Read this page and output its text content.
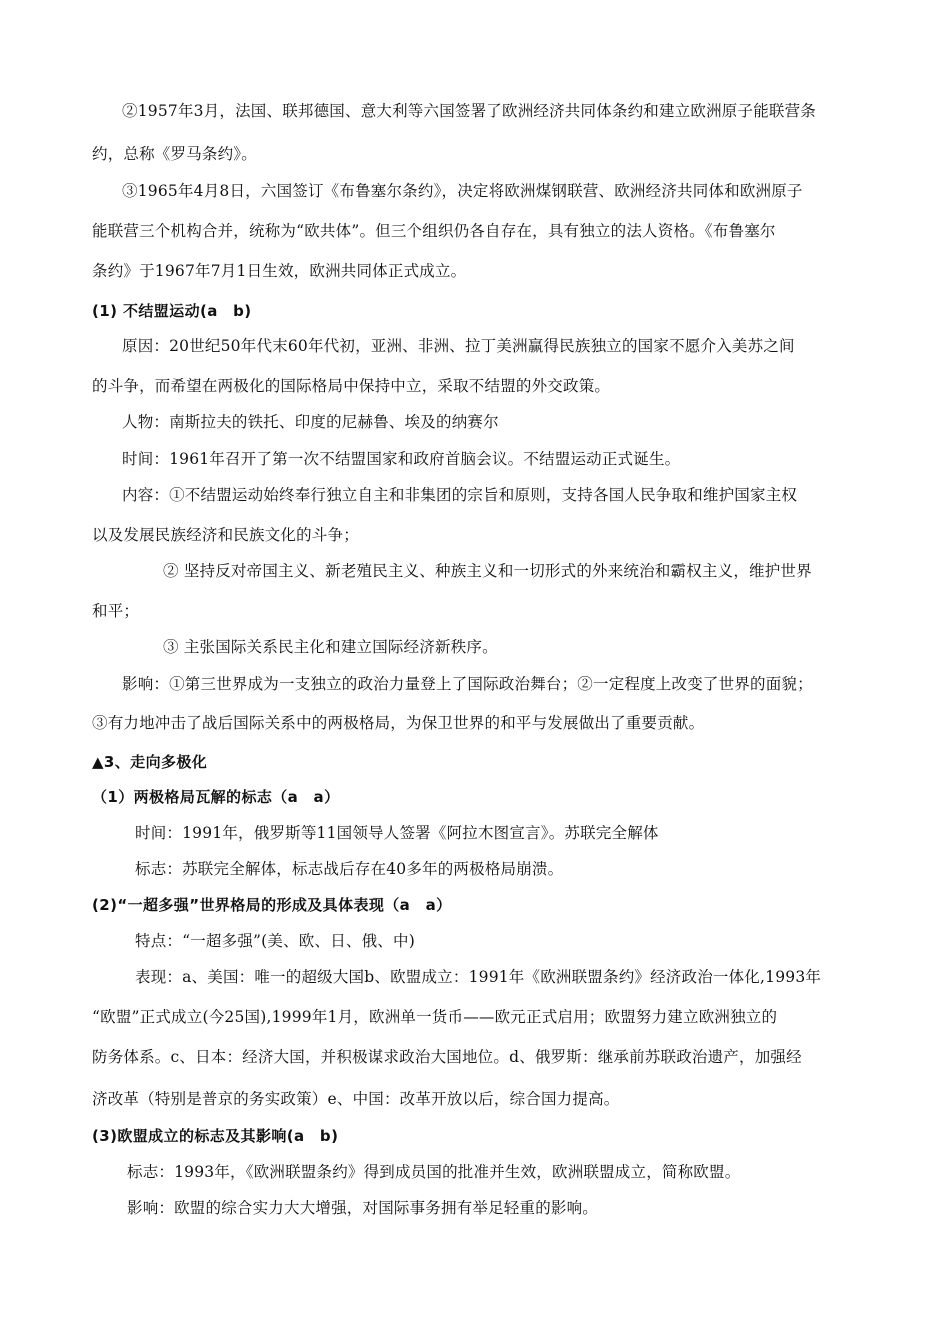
②1957年3月，法国、联邦德国、意大利等六国签署了欧洲经济共同体条约和建立欧洲原子能联营条
约，总称《罗马条约》。
③1965年4月8日，六国签订《布鲁塞尔条约》，决定将欧洲煤钢联营、欧洲经济共同体和欧洲原子
能联营三个机构合并，统称为“欧共体”。但三个组织仍各自存在，具有独立的法人资格。《布鲁塞尔
条约》于1967年7月1日生效，欧洲共同体正式成立。
(1) 不结盟运动(a　b)
原因：20世纪50年代末60年代初，亚洲、非洲、拉丁美洲赢得民族独立的国家不愿介入美苏之间
的斗争，而希望在两极化的国际格局中保持中立，采取不结盟的外交政策。
人物：南斯拉夫的铁托、印度的尼赫鲁、埃及的纳赛尔
时间：1961年召开了第一次不结盟国家和政府首脑会议。不结盟运动正式诞生。
内容：①不结盟运动始终奉行独立自主和非集团的宗旨和原则，支持各国人民争取和维护国家主权
以及发展民族经济和民族文化的斗争；
② 坚持反对帝国主义、新老殖民主义、种族主义和一切形式的外来统治和霸权主义，维护世界
和平；
③ 主张国际关系民主化和建立国际经济新秩序。
影响：①第三世界成为一支独立的政治力量登上了国际政治舞台；②一定程度上改变了世界的面貌；
③有力地冲击了战后国际关系中的两极格局，为保卫世界的和平与发展做出了重要贡献。
▲3、走向多极化
（1）两极格局瓦解的标志（a　a）
时间：1991年，俄罗斯等11国领导人签署《阿拉木图宣言》。苏联完全解体
标志：苏联完全解体，标志战后存在40多年的两极格局崩溃。
(2)“一超多强”世界格局的形成及具体表现（a　a）
特点：“一超多强”(美、欧、日、俄、中)
表现：a、美国：唯一的超级大国b、欧盟成立：1991年《欧洲联盟条约》经济政治一体化,1993年
“欧盟”正式成立(今25国),1999年1月，欧洲单一货币——欧元正式启用；欧盟努力建立欧洲独立的
防务体系。c、日本：经济大国，并积极谋求政治大国地位。d、俄罗斯：继承前苏联政治遗产，加强经
济改革（特别是普京的务实政策）e、中国：改革开放以后，综合国力提高。
(3)欧盟成立的标志及其影响(a　b)
标志：1993年，《欧洲联盟条约》得到成员国的批准并生效，欧洲联盟成立，简称欧盟。
影响：欧盟的综合实力大大增强，对国际事务拥有举足轻重的影响。
